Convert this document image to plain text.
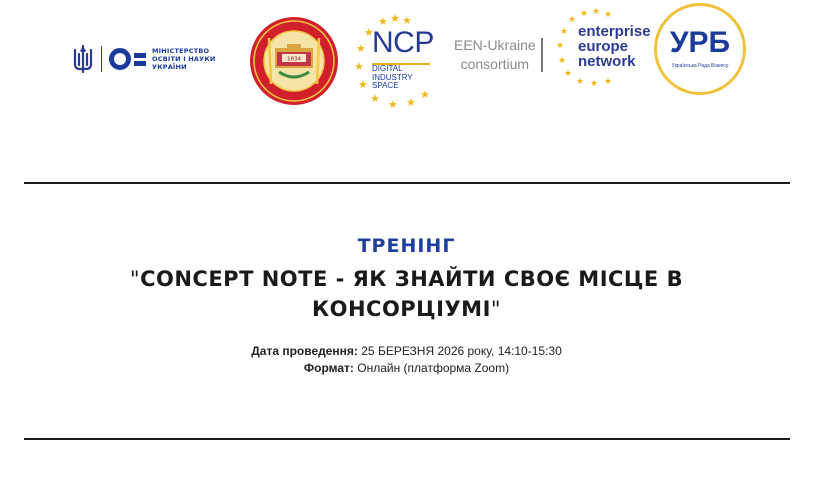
МІНІСТЕРСТВО
ОСВІТИ І НАУКИ
УКРАЇНИ
1834
★ ★
★
★
★
★
★
★ ★ ★
★
NCP
DIGITAL
INDUSTRY
SPACE
EEN-Ukraine
consortium
★ ★ ★
★
★
★
★
★
★ ★ ★
enterprise
europe
network
УРБ
Українська Рада Бізнесу
ТРЕНІНГ
"CONCEPT NOTE - ЯК ЗНАЙТИ СВОЄ МІСЦЕ В
КОНСОРЦІУМІ"
Дата проведення: 25 БЕРЕЗНЯ 2026 року, 14:10-15:30
Формат: Онлайн (платформа Zoom)
